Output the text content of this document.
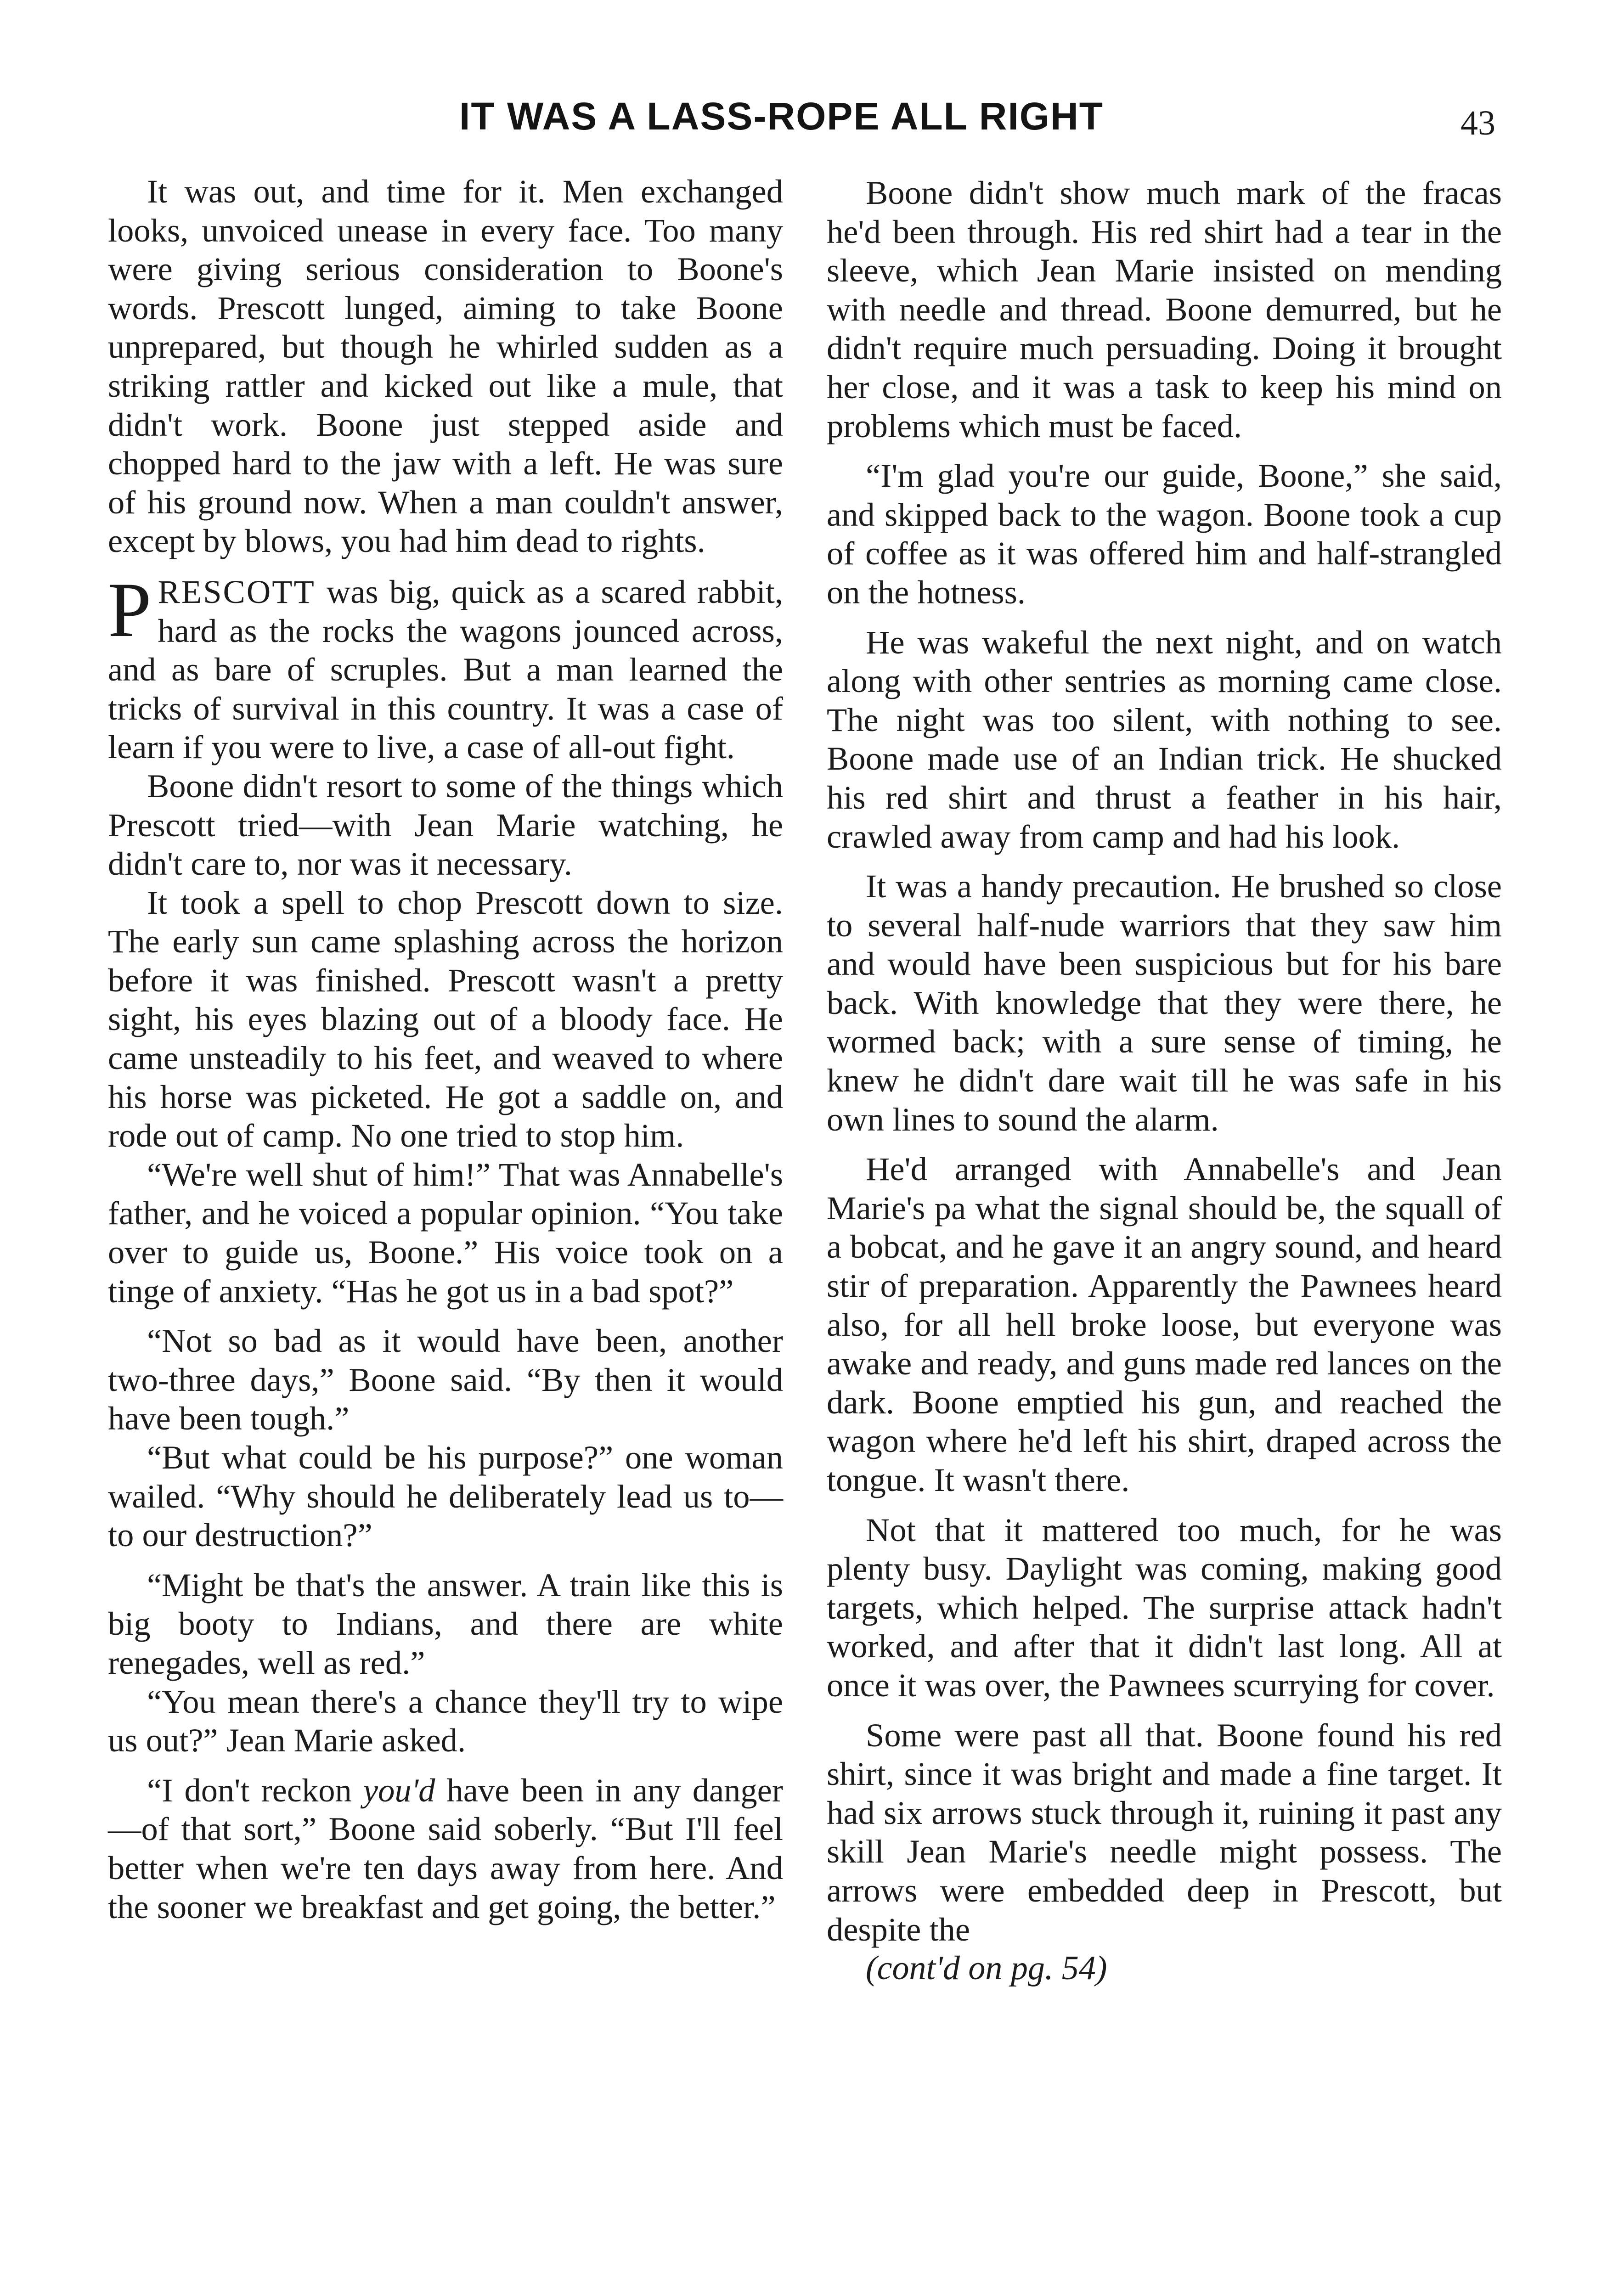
IT WAS A LASS-ROPE ALL RIGHT	43

It was out, and time for it. Men exchanged looks, unvoiced unease in every face. Too many were giving serious consideration to Boone's words. Prescott lunged, aiming to take Boone unprepared, but though he whirled sudden as a striking rattler and kicked out like a mule, that didn't work. Boone just stepped aside and chopped hard to the jaw with a left. He was sure of his ground now. When a man couldn't answer, except by blows, you had him dead to rights.

PRESCOTT was big, quick as a scared rabbit, hard as the rocks the wagons jounced across, and as bare of scruples. But a man learned the tricks of survival in this country. It was a case of learn if you were to live, a case of all-out fight.

Boone didn't resort to some of the things which Prescott tried—with Jean Marie watching, he didn't care to, nor was it necessary.

It took a spell to chop Prescott down to size. The early sun came splashing across the horizon before it was finished. Prescott wasn't a pretty sight, his eyes blazing out of a bloody face. He came unsteadily to his feet, and weaved to where his horse was picketed. He got a saddle on, and rode out of camp. No one tried to stop him.

“We're well shut of him!” That was Annabelle's father, and he voiced a popular opinion. “You take over to guide us, Boone.” His voice took on a tinge of anxiety. “Has he got us in a bad spot?”

“Not so bad as it would have been, another two-three days,” Boone said. “By then it would have been tough.”

“But what could be his purpose?” one woman wailed. “Why should he deliberately lead us to—to our destruction?”

“Might be that's the answer. A train like this is big booty to Indians, and there are white renegades, well as red.”

“You mean there's a chance they'll try to wipe us out?” Jean Marie asked.

“I don't reckon you'd have been in any danger—of that sort,” Boone said soberly. “But I'll feel better when we're ten days away from here. And the sooner we breakfast and get going, the better.”

Boone didn't show much mark of the fracas he'd been through. His red shirt had a tear in the sleeve, which Jean Marie insisted on mending with needle and thread. Boone demurred, but he didn't require much persuading. Doing it brought her close, and it was a task to keep his mind on problems which must be faced.

“I'm glad you're our guide, Boone,” she said, and skipped back to the wagon. Boone took a cup of coffee as it was offered him and half-strangled on the hotness.

He was wakeful the next night, and on watch along with other sentries as morning came close. The night was too silent, with nothing to see. Boone made use of an Indian trick. He shucked his red shirt and thrust a feather in his hair, crawled away from camp and had his look.

It was a handy precaution. He brushed so close to several half-nude warriors that they saw him and would have been suspicious but for his bare back. With knowledge that they were there, he wormed back; with a sure sense of timing, he knew he didn't dare wait till he was safe in his own lines to sound the alarm.

He'd arranged with Annabelle's and Jean Marie's pa what the signal should be, the squall of a bobcat, and he gave it an angry sound, and heard stir of preparation. Apparently the Pawnees heard also, for all hell broke loose, but everyone was awake and ready, and guns made red lances on the dark. Boone emptied his gun, and reached the wagon where he'd left his shirt, draped across the tongue. It wasn't there.

Not that it mattered too much, for he was plenty busy. Daylight was coming, making good targets, which helped. The surprise attack hadn't worked, and after that it didn't last long. All at once it was over, the Pawnees scurrying for cover.

Some were past all that. Boone found his red shirt, since it was bright and made a fine target. It had six arrows stuck through it, ruining it past any skill Jean Marie's needle might possess. The arrows were embedded deep in Prescott, but despite the

(cont'd on pg. 54)
